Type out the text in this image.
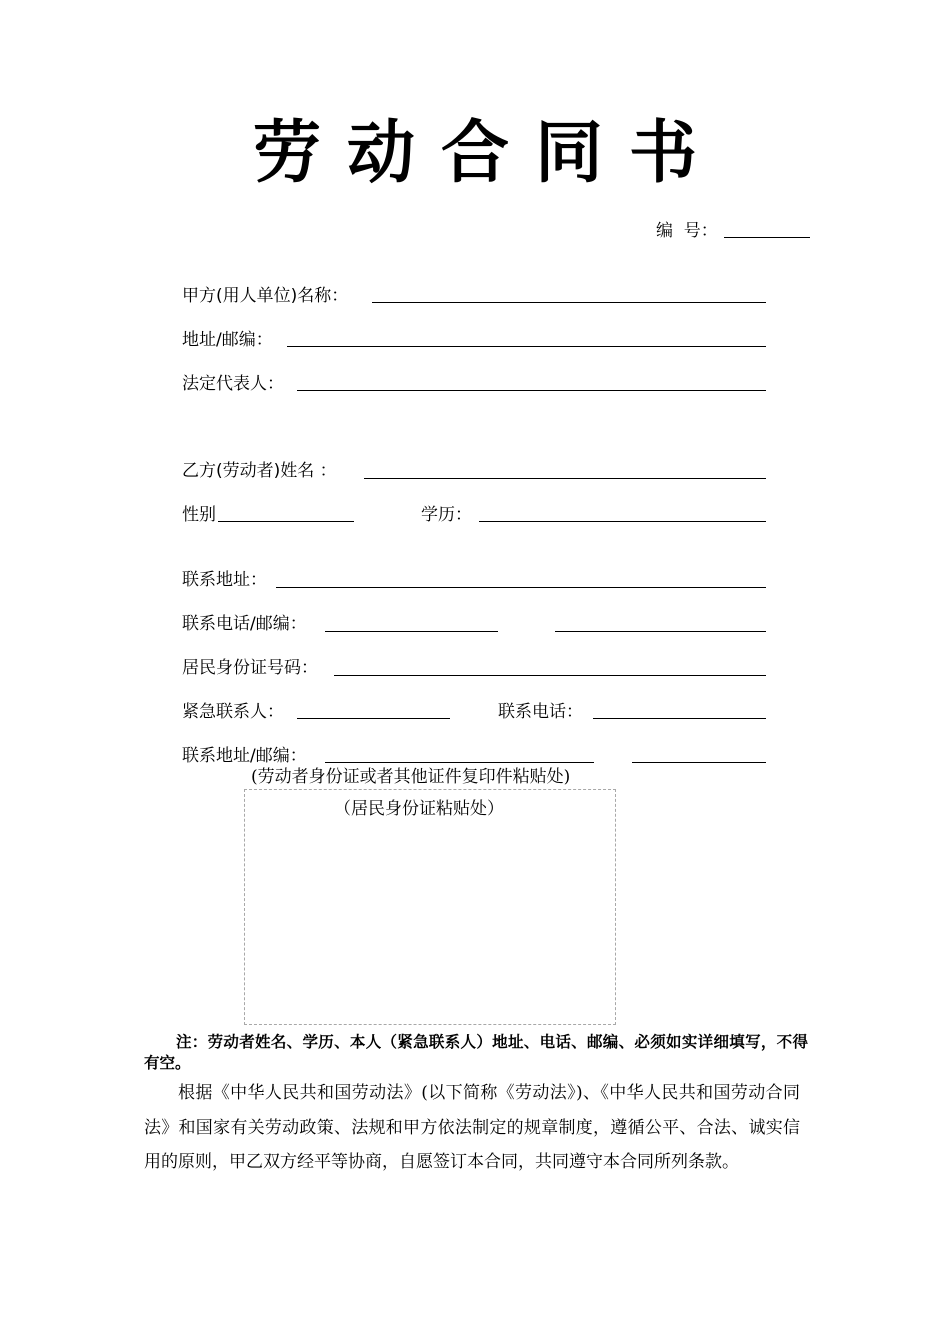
劳动合同书
编  号：
甲方(用人单位)名称：
地址/邮编：
法定代表人：
乙方(劳动者)姓名 ：
性别	学历：
联系地址：
联系电话/邮编：
居民身份证号码：
紧急联系人：	联系电话：
联系地址/邮编：
(劳动者身份证或者其他证件复印件粘贴处)
（居民身份证粘贴处）
注：劳动者姓名、学历、本人（紧急联系人）地址、电话、邮编、必须如实详细填写，不得有空。
根据《中华人民共和国劳动法》(以下简称《劳动法》)、《中华人民共和国劳动合同法》和国家有关劳动政策、法规和甲方依法制定的规章制度，遵循公平、合法、诚实信用的原则，甲乙双方经平等协商，自愿签订本合同，共同遵守本合同所列条款。
